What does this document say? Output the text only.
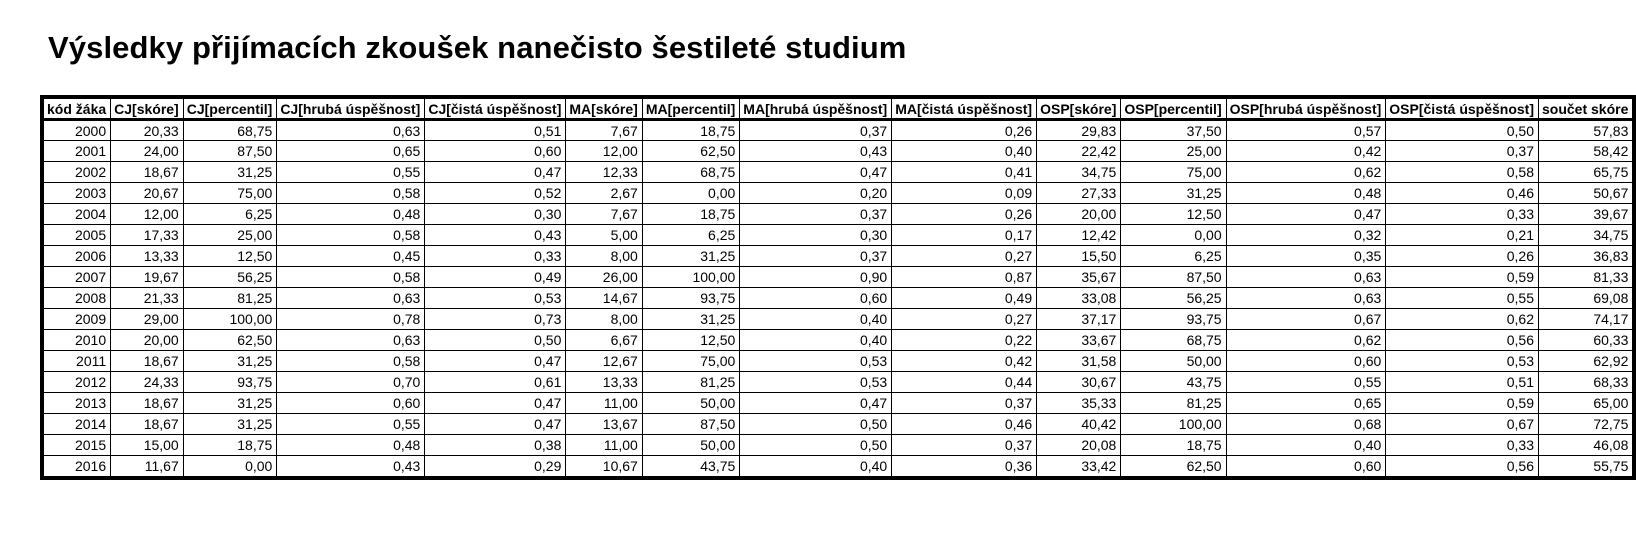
Výsledky přijímacích zkoušek nanečisto šestileté studium
kód žáka	CJ[skóre]	CJ[percentil]	CJ[hrubá úspěšnost]	CJ[čistá úspěšnost]	MA[skóre]	MA[percentil]	MA[hrubá úspěšnost]	MA[čistá úspěšnost]	OSP[skóre]	OSP[percentil]	OSP[hrubá úspěšnost]	OSP[čistá úspěšnost]	součet skóre
2000	20,33	68,75	0,63	0,51	7,67	18,75	0,37	0,26	29,83	37,50	0,57	0,50	57,83
2001	24,00	87,50	0,65	0,60	12,00	62,50	0,43	0,40	22,42	25,00	0,42	0,37	58,42
2002	18,67	31,25	0,55	0,47	12,33	68,75	0,47	0,41	34,75	75,00	0,62	0,58	65,75
2003	20,67	75,00	0,58	0,52	2,67	0,00	0,20	0,09	27,33	31,25	0,48	0,46	50,67
2004	12,00	6,25	0,48	0,30	7,67	18,75	0,37	0,26	20,00	12,50	0,47	0,33	39,67
2005	17,33	25,00	0,58	0,43	5,00	6,25	0,30	0,17	12,42	0,00	0,32	0,21	34,75
2006	13,33	12,50	0,45	0,33	8,00	31,25	0,37	0,27	15,50	6,25	0,35	0,26	36,83
2007	19,67	56,25	0,58	0,49	26,00	100,00	0,90	0,87	35,67	87,50	0,63	0,59	81,33
2008	21,33	81,25	0,63	0,53	14,67	93,75	0,60	0,49	33,08	56,25	0,63	0,55	69,08
2009	29,00	100,00	0,78	0,73	8,00	31,25	0,40	0,27	37,17	93,75	0,67	0,62	74,17
2010	20,00	62,50	0,63	0,50	6,67	12,50	0,40	0,22	33,67	68,75	0,62	0,56	60,33
2011	18,67	31,25	0,58	0,47	12,67	75,00	0,53	0,42	31,58	50,00	0,60	0,53	62,92
2012	24,33	93,75	0,70	0,61	13,33	81,25	0,53	0,44	30,67	43,75	0,55	0,51	68,33
2013	18,67	31,25	0,60	0,47	11,00	50,00	0,47	0,37	35,33	81,25	0,65	0,59	65,00
2014	18,67	31,25	0,55	0,47	13,67	87,50	0,50	0,46	40,42	100,00	0,68	0,67	72,75
2015	15,00	18,75	0,48	0,38	11,00	50,00	0,50	0,37	20,08	18,75	0,40	0,33	46,08
2016	11,67	0,00	0,43	0,29	10,67	43,75	0,40	0,36	33,42	62,50	0,60	0,56	55,75
